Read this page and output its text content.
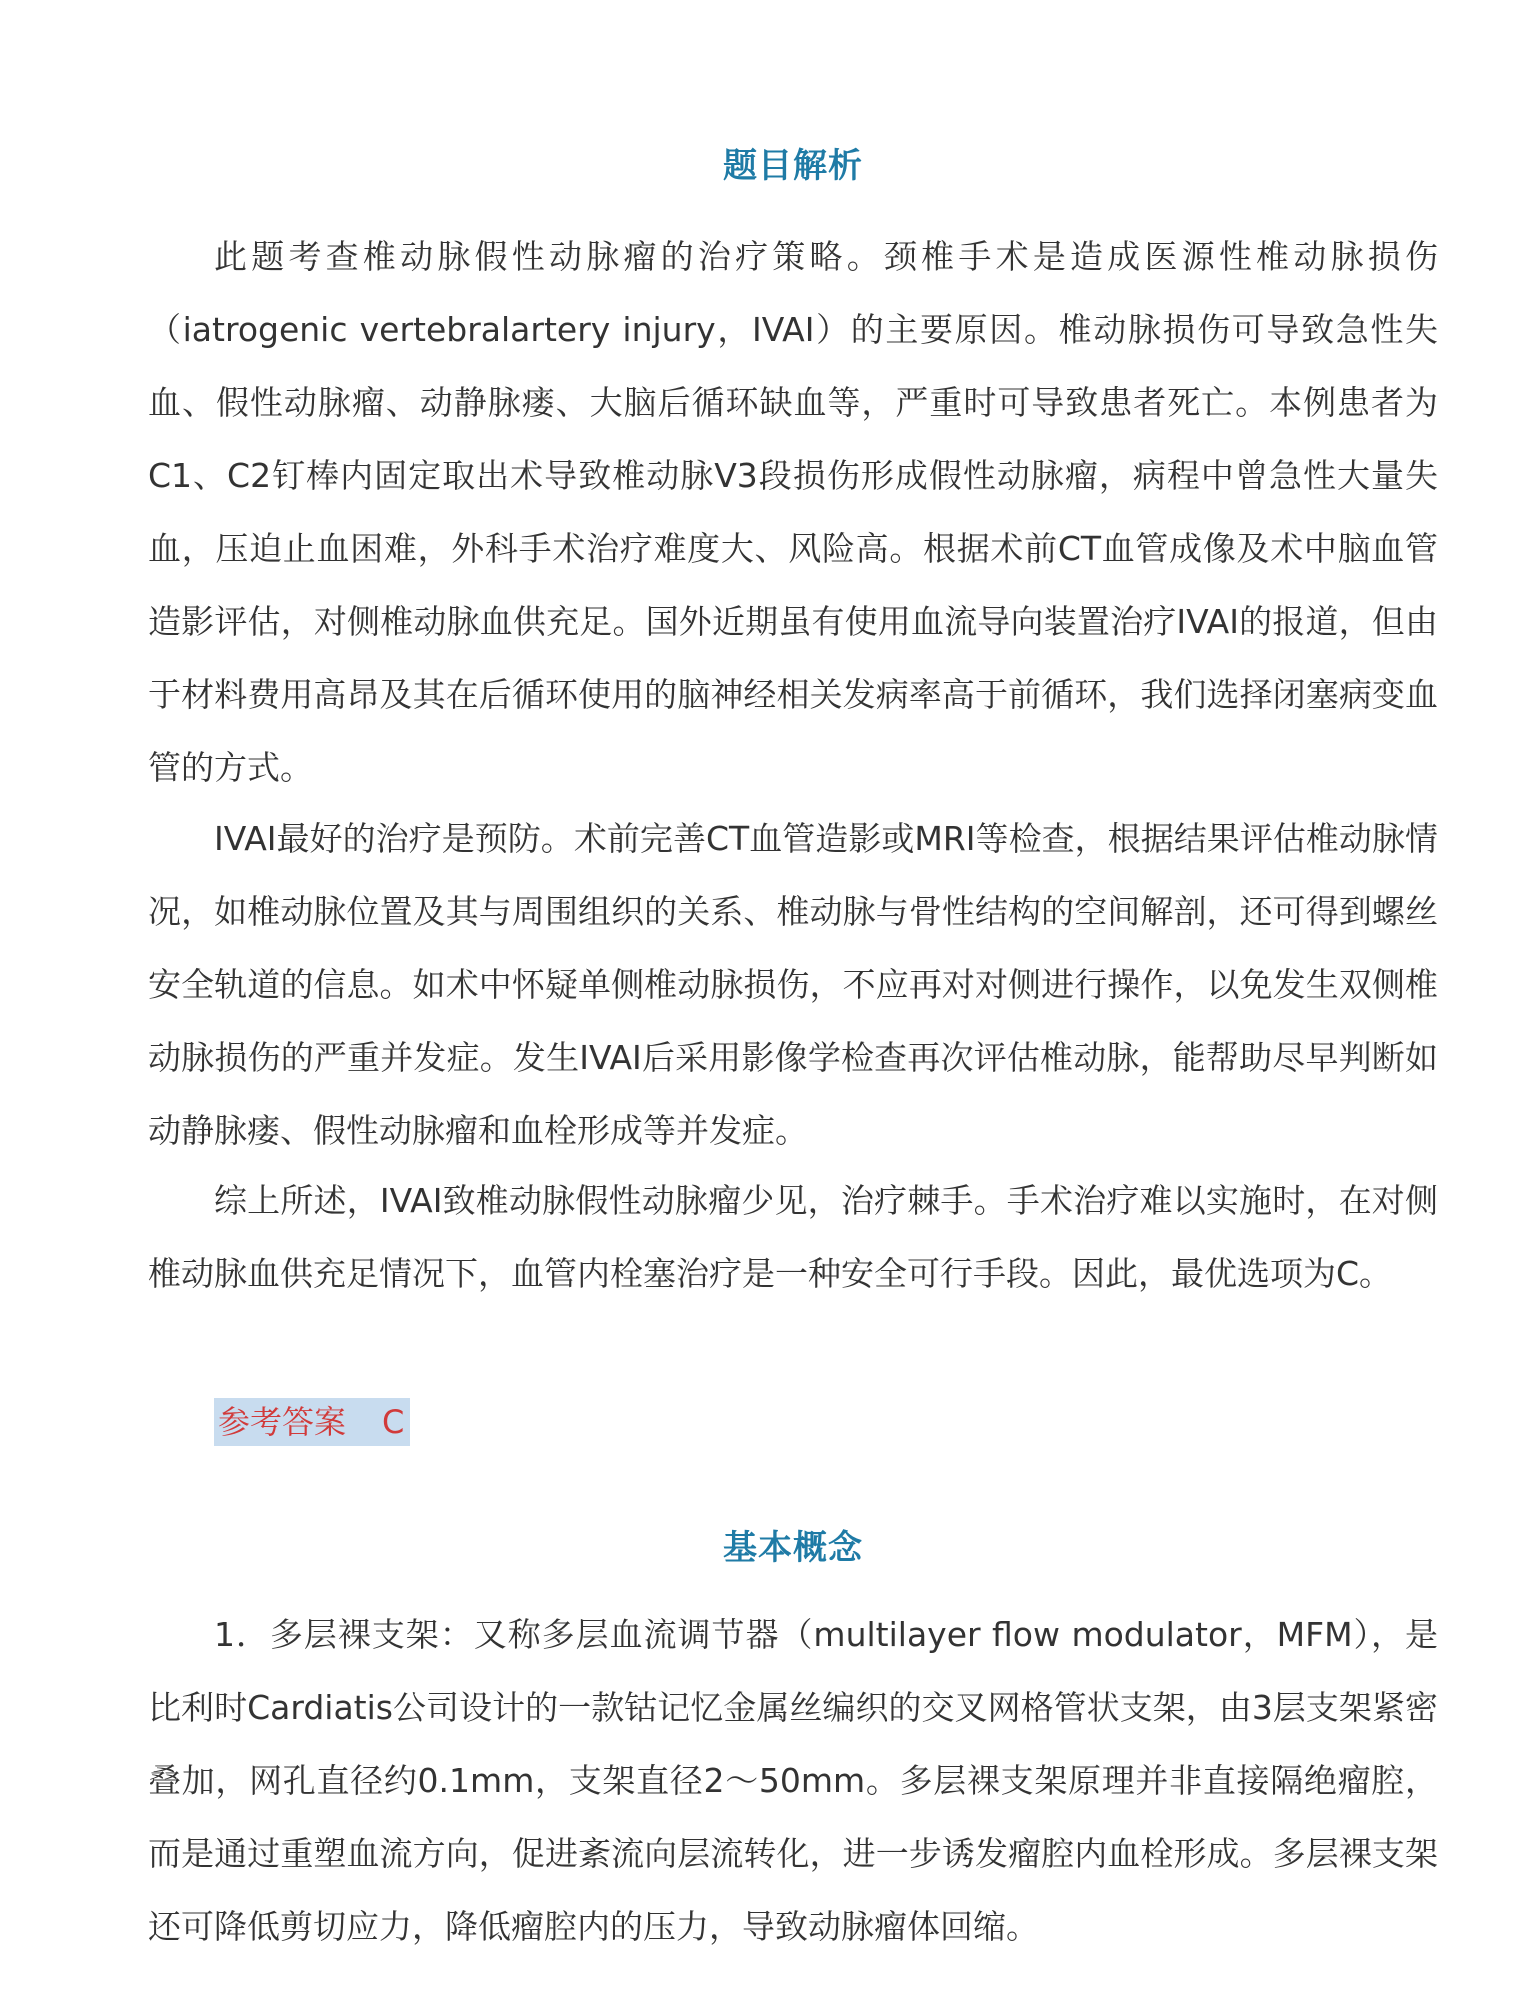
题目解析

此题考查椎动脉假性动脉瘤的治疗策略。颈椎手术是造成医源性椎动脉损伤（iatrogenic vertebralartery injury，IVAI）的主要原因。椎动脉损伤可导致急性失血、假性动脉瘤、动静脉瘘、大脑后循环缺血等，严重时可导致患者死亡。本例患者为C1、C2钉棒内固定取出术导致椎动脉V3段损伤形成假性动脉瘤，病程中曾急性大量失血，压迫止血困难，外科手术治疗难度大、风险高。根据术前CT血管成像及术中脑血管造影评估，对侧椎动脉血供充足。国外近期虽有使用血流导向装置治疗IVAI的报道，但由于材料费用高昂及其在后循环使用的脑神经相关发病率高于前循环，我们选择闭塞病变血管的方式。

IVAI最好的治疗是预防。术前完善CT血管造影或MRI等检查，根据结果评估椎动脉情况，如椎动脉位置及其与周围组织的关系、椎动脉与骨性结构的空间解剖，还可得到螺丝安全轨道的信息。如术中怀疑单侧椎动脉损伤，不应再对对侧进行操作，以免发生双侧椎动脉损伤的严重并发症。发生IVAI后采用影像学检查再次评估椎动脉，能帮助尽早判断如动静脉瘘、假性动脉瘤和血栓形成等并发症。

综上所述，IVAI致椎动脉假性动脉瘤少见，治疗棘手。手术治疗难以实施时，在对侧椎动脉血供充足情况下，血管内栓塞治疗是一种安全可行手段。因此，最优选项为C。

参考答案 C
基本概念

1．多层裸支架：又称多层血流调节器（multilayer flow modulator，MFM），是比利时Cardiatis公司设计的一款钴记忆金属丝编织的交叉网格管状支架，由3层支架紧密叠加，网孔直径约0.1mm，支架直径2～50mm。多层裸支架原理并非直接隔绝瘤腔，而是通过重塑血流方向，促进紊流向层流转化，进一步诱发瘤腔内血栓形成。多层裸支架还可降低剪切应力，降低瘤腔内的压力，导致动脉瘤体回缩。
